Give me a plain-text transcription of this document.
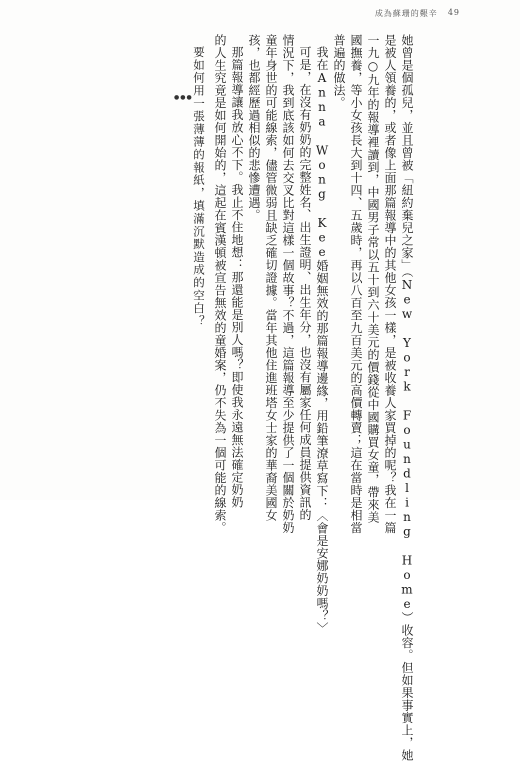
成為蘇珊的艱辛 49
●●●	她曾是個孤兒，並且曾被「紐約棄兒之家」（New York Foundling Home）收容。但如果事實上，她
是被人領養的，或者像上面那篇報導中的其他女孩一樣，是被收養人家買掉的呢？我在一篇
一九○九年的報導裡讀到，中國男子常以五十到六十美元的價錢從中國購買女童，帶來美
國撫養，等小女孩長大到十四、五歲時，再以八百至九百美元的高價轉賣；這在當時是相當
普遍的做法。
我在Anna Wong Kee婚姻無效的那篇報導邊緣，用鉛筆潦草寫下：〈會是安娜奶奶嗎？〉
可是，在沒有奶奶的完整姓名、出生證明、出生年分，也沒有屬家任何成員提供資訊的
情況下，我到底該如何去交叉比對這樣一個故事？不過，這篇報導至少提供了一個關於奶奶
童年身世的可能線索，儘管微弱且缺乏確切證據。當年其他住進班塔女士家的華裔美國女
孩，也都經歷過相似的悲慘遭遇。
那篇報導讓我放心不下。我止不住地想：那還能是別人嗎？即使我永遠無法確定奶奶
的人生究竟是如何開始的，這起在賓漢頓被宣告無效的童婚案，仍不失為一個可能的線索。
要如何用一張薄薄的報紙，填滿沉默造成的空白？
